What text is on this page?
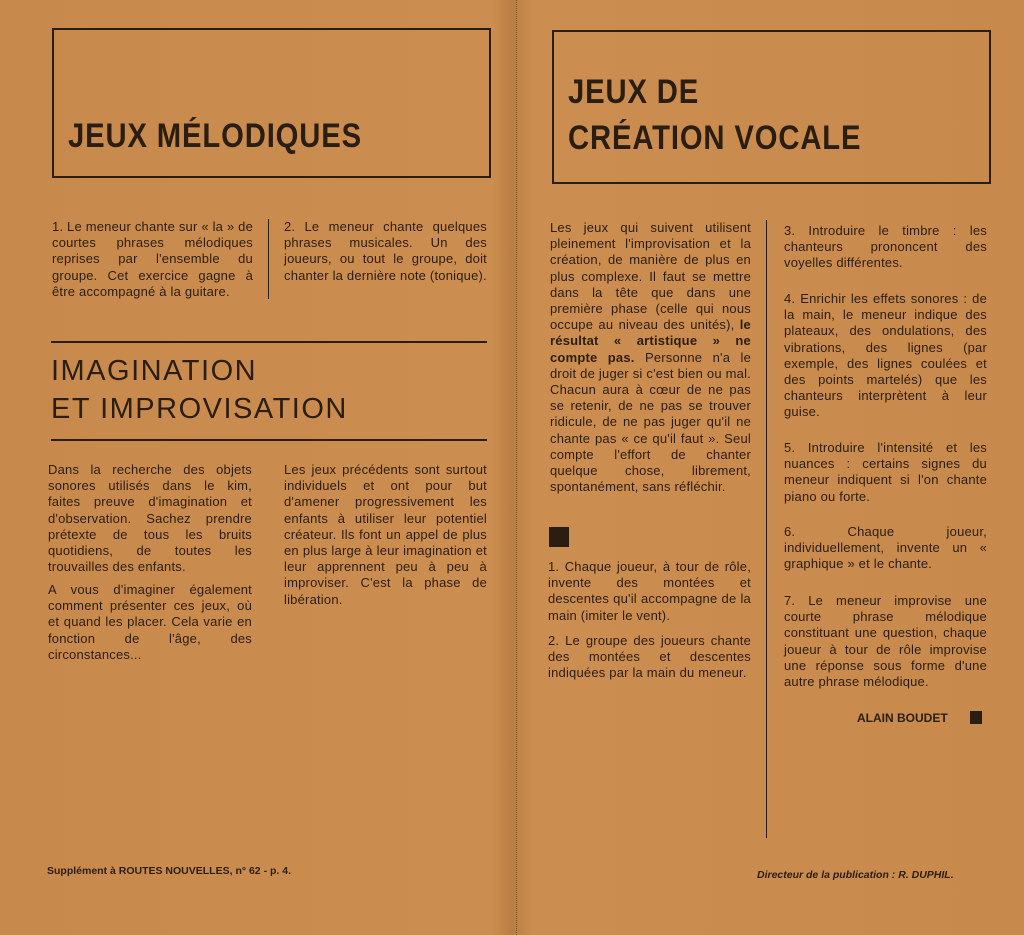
JEUX MÉLODIQUES

1. Le meneur chante sur « la » de courtes phrases mélodiques reprises par l'ensemble du groupe. Cet exercice gagne à être accompagné à la guitare.

2. Le meneur chante quelques phrases musicales. Un des joueurs, ou tout le groupe, doit chanter la dernière note (tonique).

IMAGINATION
ET IMPROVISATION

Dans la recherche des objets sonores utilisés dans le kim, faites preuve d'imagination et d'observation. Sachez prendre prétexte de tous les bruits quotidiens, de toutes les trouvailles des enfants.

A vous d'imaginer également comment présenter ces jeux, où et quand les placer. Cela varie en fonction de l'âge, des circonstances...

Les jeux précédents sont surtout individuels et ont pour but d'amener progressivement les enfants à utiliser leur potentiel créateur. Ils font un appel de plus en plus large à leur imagination et leur apprennent peu à peu à improviser. C'est la phase de libération.

Supplément à ROUTES NOUVELLES, n° 62 - p. 4.
JEUX DE
CRÉATION VOCALE

Les jeux qui suivent utilisent pleinement l'improvisation et la création, de manière de plus en plus complexe. Il faut se mettre dans la tête que dans une première phase (celle qui nous occupe au niveau des unités), le résultat « artistique » ne compte pas. Personne n'a le droit de juger si c'est bien ou mal. Chacun aura à cœur de ne pas se retenir, de ne pas se trouver ridicule, de ne pas juger qu'il ne chante pas « ce qu'il faut ». Seul compte l'effort de chanter quelque chose, librement, spontanément, sans réfléchir.

1. Chaque joueur, à tour de rôle, invente des montées et descentes qu'il accompagne de la main (imiter le vent).

2. Le groupe des joueurs chante des montées et descentes indiquées par la main du meneur.

3. Introduire le timbre : les chanteurs prononcent des voyelles différentes.

4. Enrichir les effets sonores : de la main, le meneur indique des plateaux, des ondulations, des vibrations, des lignes (par exemple, des lignes coulées et des points martelés) que les chanteurs interprètent à leur guise.

5. Introduire l'intensité et les nuances : certains signes du meneur indiquent si l'on chante piano ou forte.

6. Chaque joueur, individuellement, invente un « graphique » et le chante.

7. Le meneur improvise une courte phrase mélodique constituant une question, chaque joueur à tour de rôle improvise une réponse sous forme d'une autre phrase mélodique.

ALAIN BOUDET
Directeur de la publication : R. DUPHIL.
